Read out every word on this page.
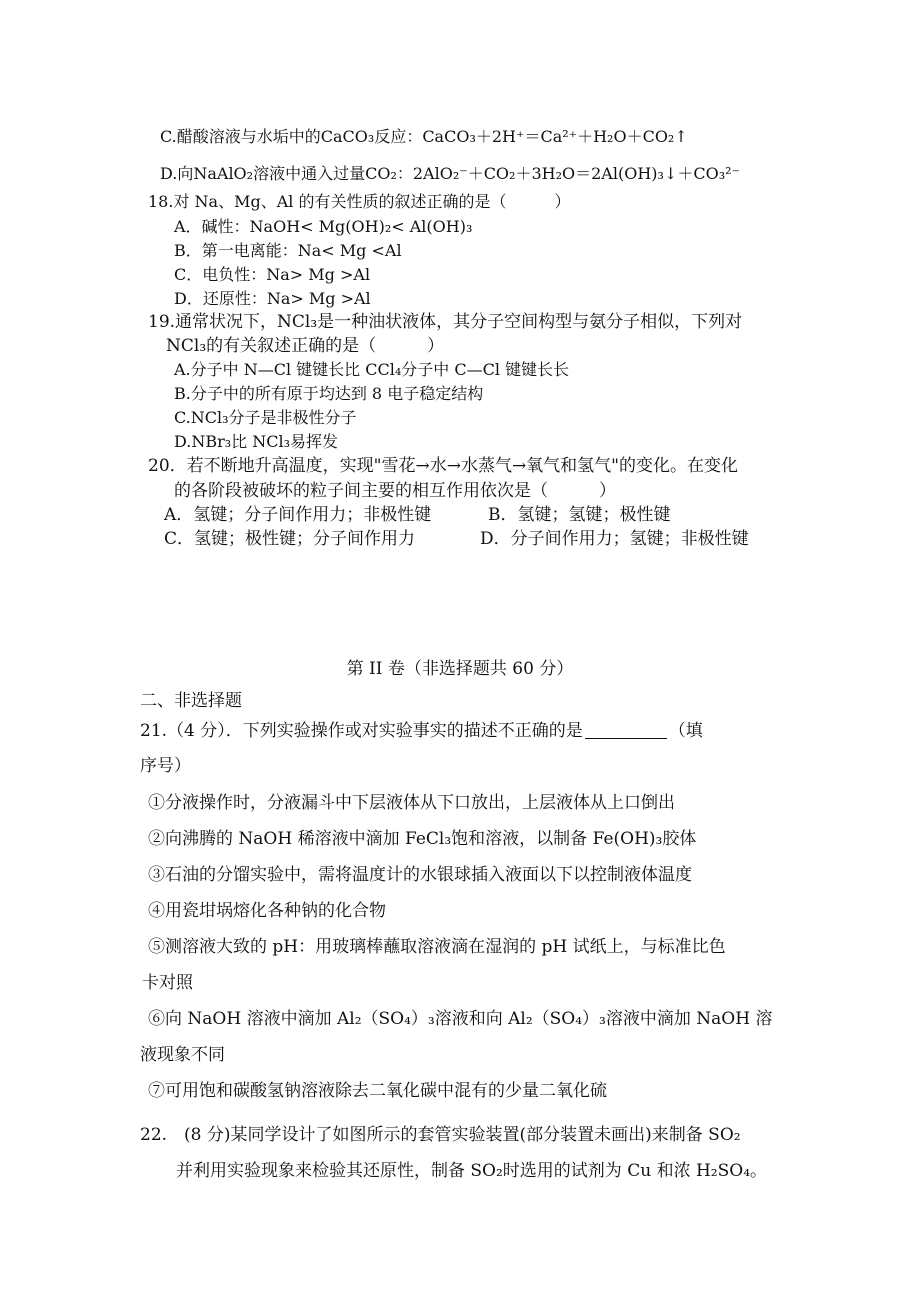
C.醋酸溶液与水垢中的CaCO₃反应：CaCO₃＋2H⁺＝Ca²⁺＋H₂O＋CO₂↑
D.向NaAlO₂溶液中通入过量CO₂：2AlO₂⁻＋CO₂＋3H₂O＝2Al(OH)₃↓＋CO₃²⁻
18.对 Na、Mg、Al 的有关性质的叙述正确的是（　　　）
A．碱性：NaOH< Mg(OH)₂< Al(OH)₃
B．第一电离能：Na< Mg <Al
C．电负性：Na> Mg >Al
D．还原性：Na> Mg >Al
19.通常状况下，NCl₃是一种油状液体，其分子空间构型与氨分子相似，下列对
NCl₃的有关叙述正确的是（　　　）
A.分子中 N—Cl 键键长比 CCl₄分子中 C—Cl 键键长长
B.分子中的所有原于均达到 8 电子稳定结构
C.NCl₃分子是非极性分子
D.NBr₃比 NCl₃易挥发
20．若不断地升高温度，实现"雪花→水→水蒸气→氧气和氢气"的变化。在变化
的各阶段被破坏的粒子间主要的相互作用依次是（　　　）
A．氢键；分子间作用力；非极性键	B．氢键；氢键；极性键
C．氢键；极性键；分子间作用力	D．分子间作用力；氢键；非极性键
第 II 卷（非选择题共 60 分）
二、非选择题
21.（4 分）．下列实验操作或对实验事实的描述不正确的是	（填
序号）
①分液操作时，分液漏斗中下层液体从下口放出，上层液体从上口倒出
②向沸腾的 NaOH 稀溶液中滴加 FeCl₃饱和溶液，以制备 Fe(OH)₃胶体
③石油的分馏实验中，需将温度计的水银球插入液面以下以控制液体温度
④用瓷坩埚熔化各种钠的化合物
⑤测溶液大致的 pH：用玻璃棒蘸取溶液滴在湿润的 pH 试纸上，与标准比色
卡对照
⑥向 NaOH 溶液中滴加 Al₂（SO₄）₃溶液和向 Al₂（SO₄）₃溶液中滴加 NaOH 溶
液现象不同
⑦可用饱和碳酸氢钠溶液除去二氧化碳中混有的少量二氧化硫
22.　(8 分)某同学设计了如图所示的套管实验装置(部分装置未画出)来制备 SO₂
并利用实验现象来检验其还原性，制备 SO₂时选用的试剂为 Cu 和浓 H₂SO₄。
